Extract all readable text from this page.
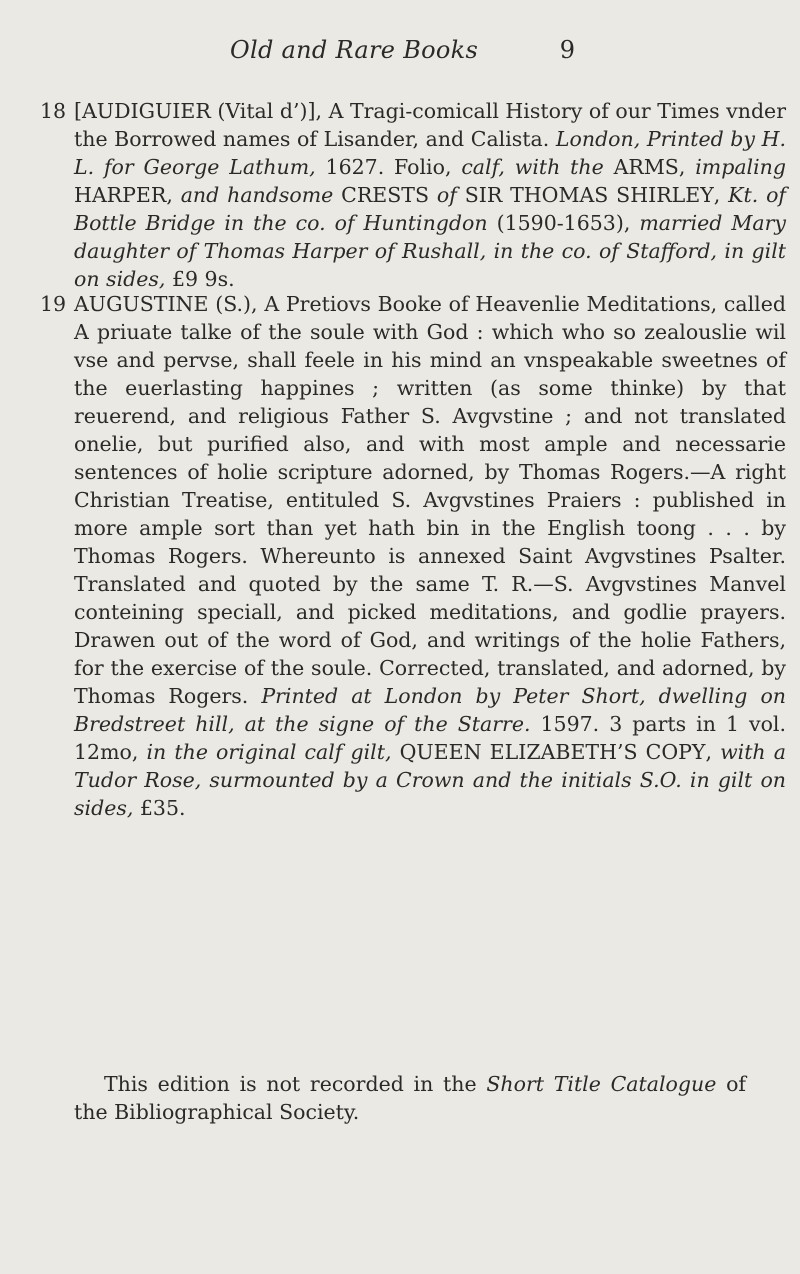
Old and Rare Books	9
18 [AUDIGUIER (Vital d’)], A Tragi-comicall History of our Times vnder the Borrowed names of Lisander, and Calista. London, Printed by H. L. for George Lathum, 1627. Folio, calf, with the ARMS, impaling HARPER, and handsome CRESTS of SIR THOMAS SHIRLEY, Kt. of Bottle Bridge in the co. of Huntingdon (1590-1653), married Mary daughter of Thomas Harper of Rushall, in the co. of Stafford, in gilt on sides, £9 9s.
19 AUGUSTINE (S.), A Pretiovs Booke of Heavenlie Meditations, called A priuate talke of the soule with God : which who so zealouslie wil vse and pervse, shall feele in his mind an vnspeakable sweetnes of the euerlasting happines ; written (as some thinke) by that reuerend, and religious Father S. Avgvstine ; and not translated onelie, but purified also, and with most ample and necessarie sentences of holie scripture adorned, by Thomas Rogers.—A right Christian Treatise, entituled S. Avgvstines Praiers : published in more ample sort than yet hath bin in the English toong . . . by Thomas Rogers. Whereunto is annexed Saint Avgvstines Psalter. Translated and quoted by the same T. R.—S. Avgvstines Manvel conteining speciall, and picked meditations, and godlie prayers. Drawen out of the word of God, and writings of the holie Fathers, for the exercise of the soule. Corrected, translated, and adorned, by Thomas Rogers. Printed at London by Peter Short, dwelling on Bredstreet hill, at the signe of the Starre. 1597. 3 parts in 1 vol. 12mo, in the original calf gilt, QUEEN ELIZABETH’S COPY, with a Tudor Rose, surmounted by a Crown and the initials S.O. in gilt on sides, £35.
This edition is not recorded in the Short Title Catalogue of the Bibliographical Society.
